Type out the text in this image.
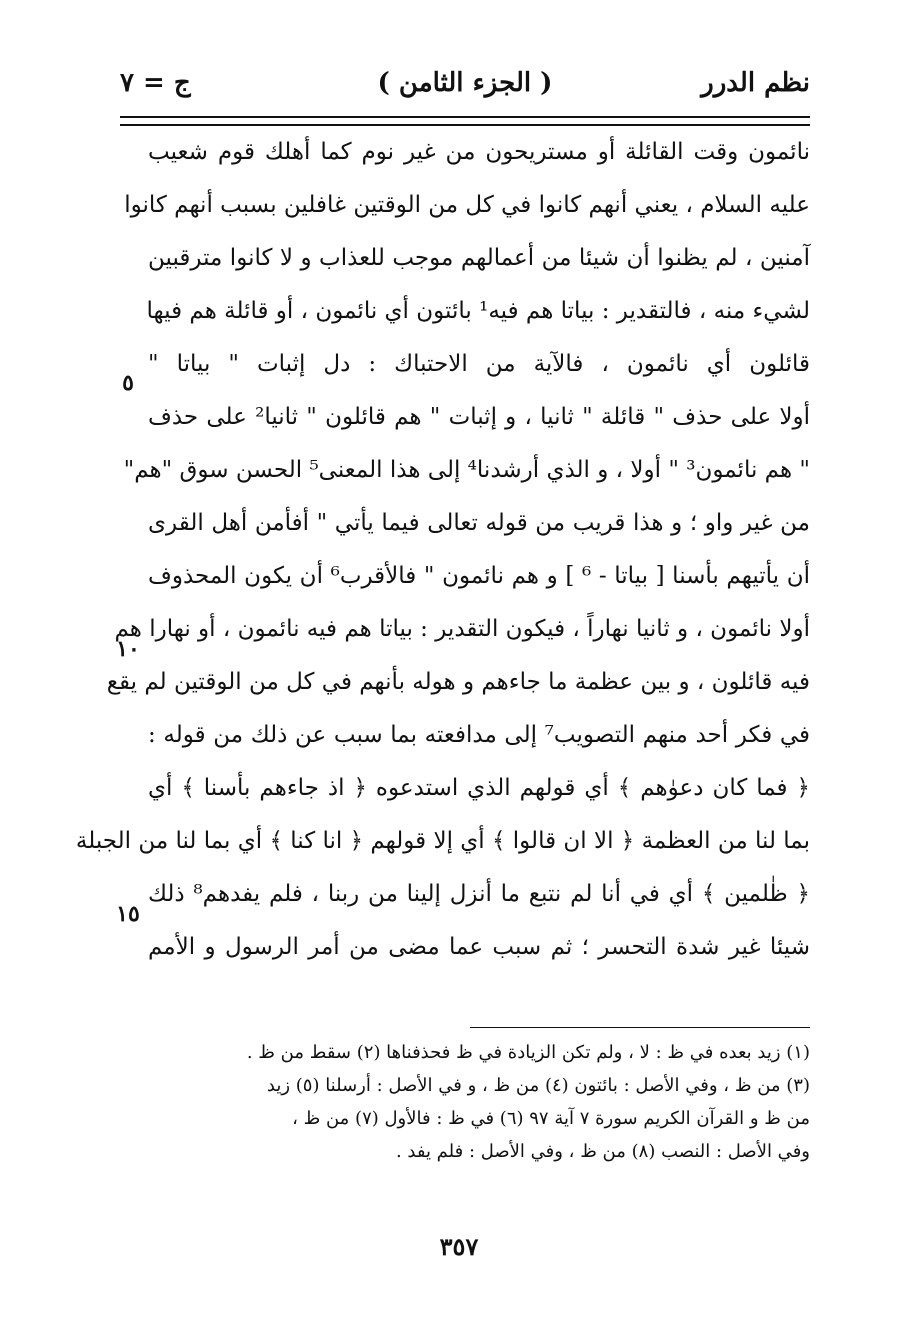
نظم الدرر
( الجزء الثامن )
ج = ٧
نائمون وقت القائلة أو مستريحون من غير نوم كما أهلك قوم شعيب
عليه السلام ، يعني أنهم كانوا في كل من الوقتين غافلين بسبب أنهم كانوا
آمنين ، لم يظنوا أن شيئا من أعمالهم موجب للعذاب و لا كانوا مترقبين
لشيء منه ، فالتقدير : بياتا هم فيه¹ بائتون أي نائمون ، أو قائلة هم فيها
قائلون أي نائمون ، فالآية من الاحتباك : دل إثبات " بياتا "
أولا على حذف " قائلة " ثانيا ، و إثبات " هم قائلون " ثانيا² على حذف
" هم نائمون³ " أولا ، و الذي أرشدنا⁴ إلى هذا المعنى⁵ الحسن سوق "هم"
من غير واو ؛ و هذا قريب من قوله تعالى فيما يأتي " أفأمن أهل القرى
أن يأتيهم بأسنا [ بياتا - ⁶ ] و هم نائمون " فالأقرب⁶ أن يكون المحذوف
أولا نائمون ، و ثانيا نهاراً ، فيكون التقدير : بياتا هم فيه نائمون ، أو نهارا هم
فيه قائلون ، و بين عظمة ما جاءهم و هوله بأنهم في كل من الوقتين لم يقع
في فكر أحد منهم التصويب⁷ إلى مدافعته بما سبب عن ذلك من قوله :
﴿ فما كان دعوٰهم ﴾ أي قولهم الذي استدعوه ﴿ اذ جاءهم بأسنا ﴾ أي
بما لنا من العظمة ﴿ الا ان قالوا ﴾ أي إلا قولهم ﴿ انا كنا ﴾ أي بما لنا من الجبلة
﴿ ظٰلمين ﴾ أي في أنا لم نتبع ما أنزل إلينا من ربنا ، فلم يفدهم⁸ ذلك
شيئا غير شدة التحسر ؛ ثم سبب عما مضى من أمر الرسول و الأمم
٥
١٠
١٥
(١) زيد بعده في ظ : لا ، ولم تكن الزيادة في ظ فحذفناها (٢) سقط من ظ .
(٣) من ظ ، وفي الأصل : بائتون (٤) من ظ ، و في الأصل : أرسلنا (٥) زيد
من ظ و القرآن الكريم سورة ٧ آية ٩٧ (٦) في ظ : فالأول (٧) من ظ ،
وفي الأصل : النصب (٨) من ظ ، وفي الأصل : فلم يفد .
٣٥٧
